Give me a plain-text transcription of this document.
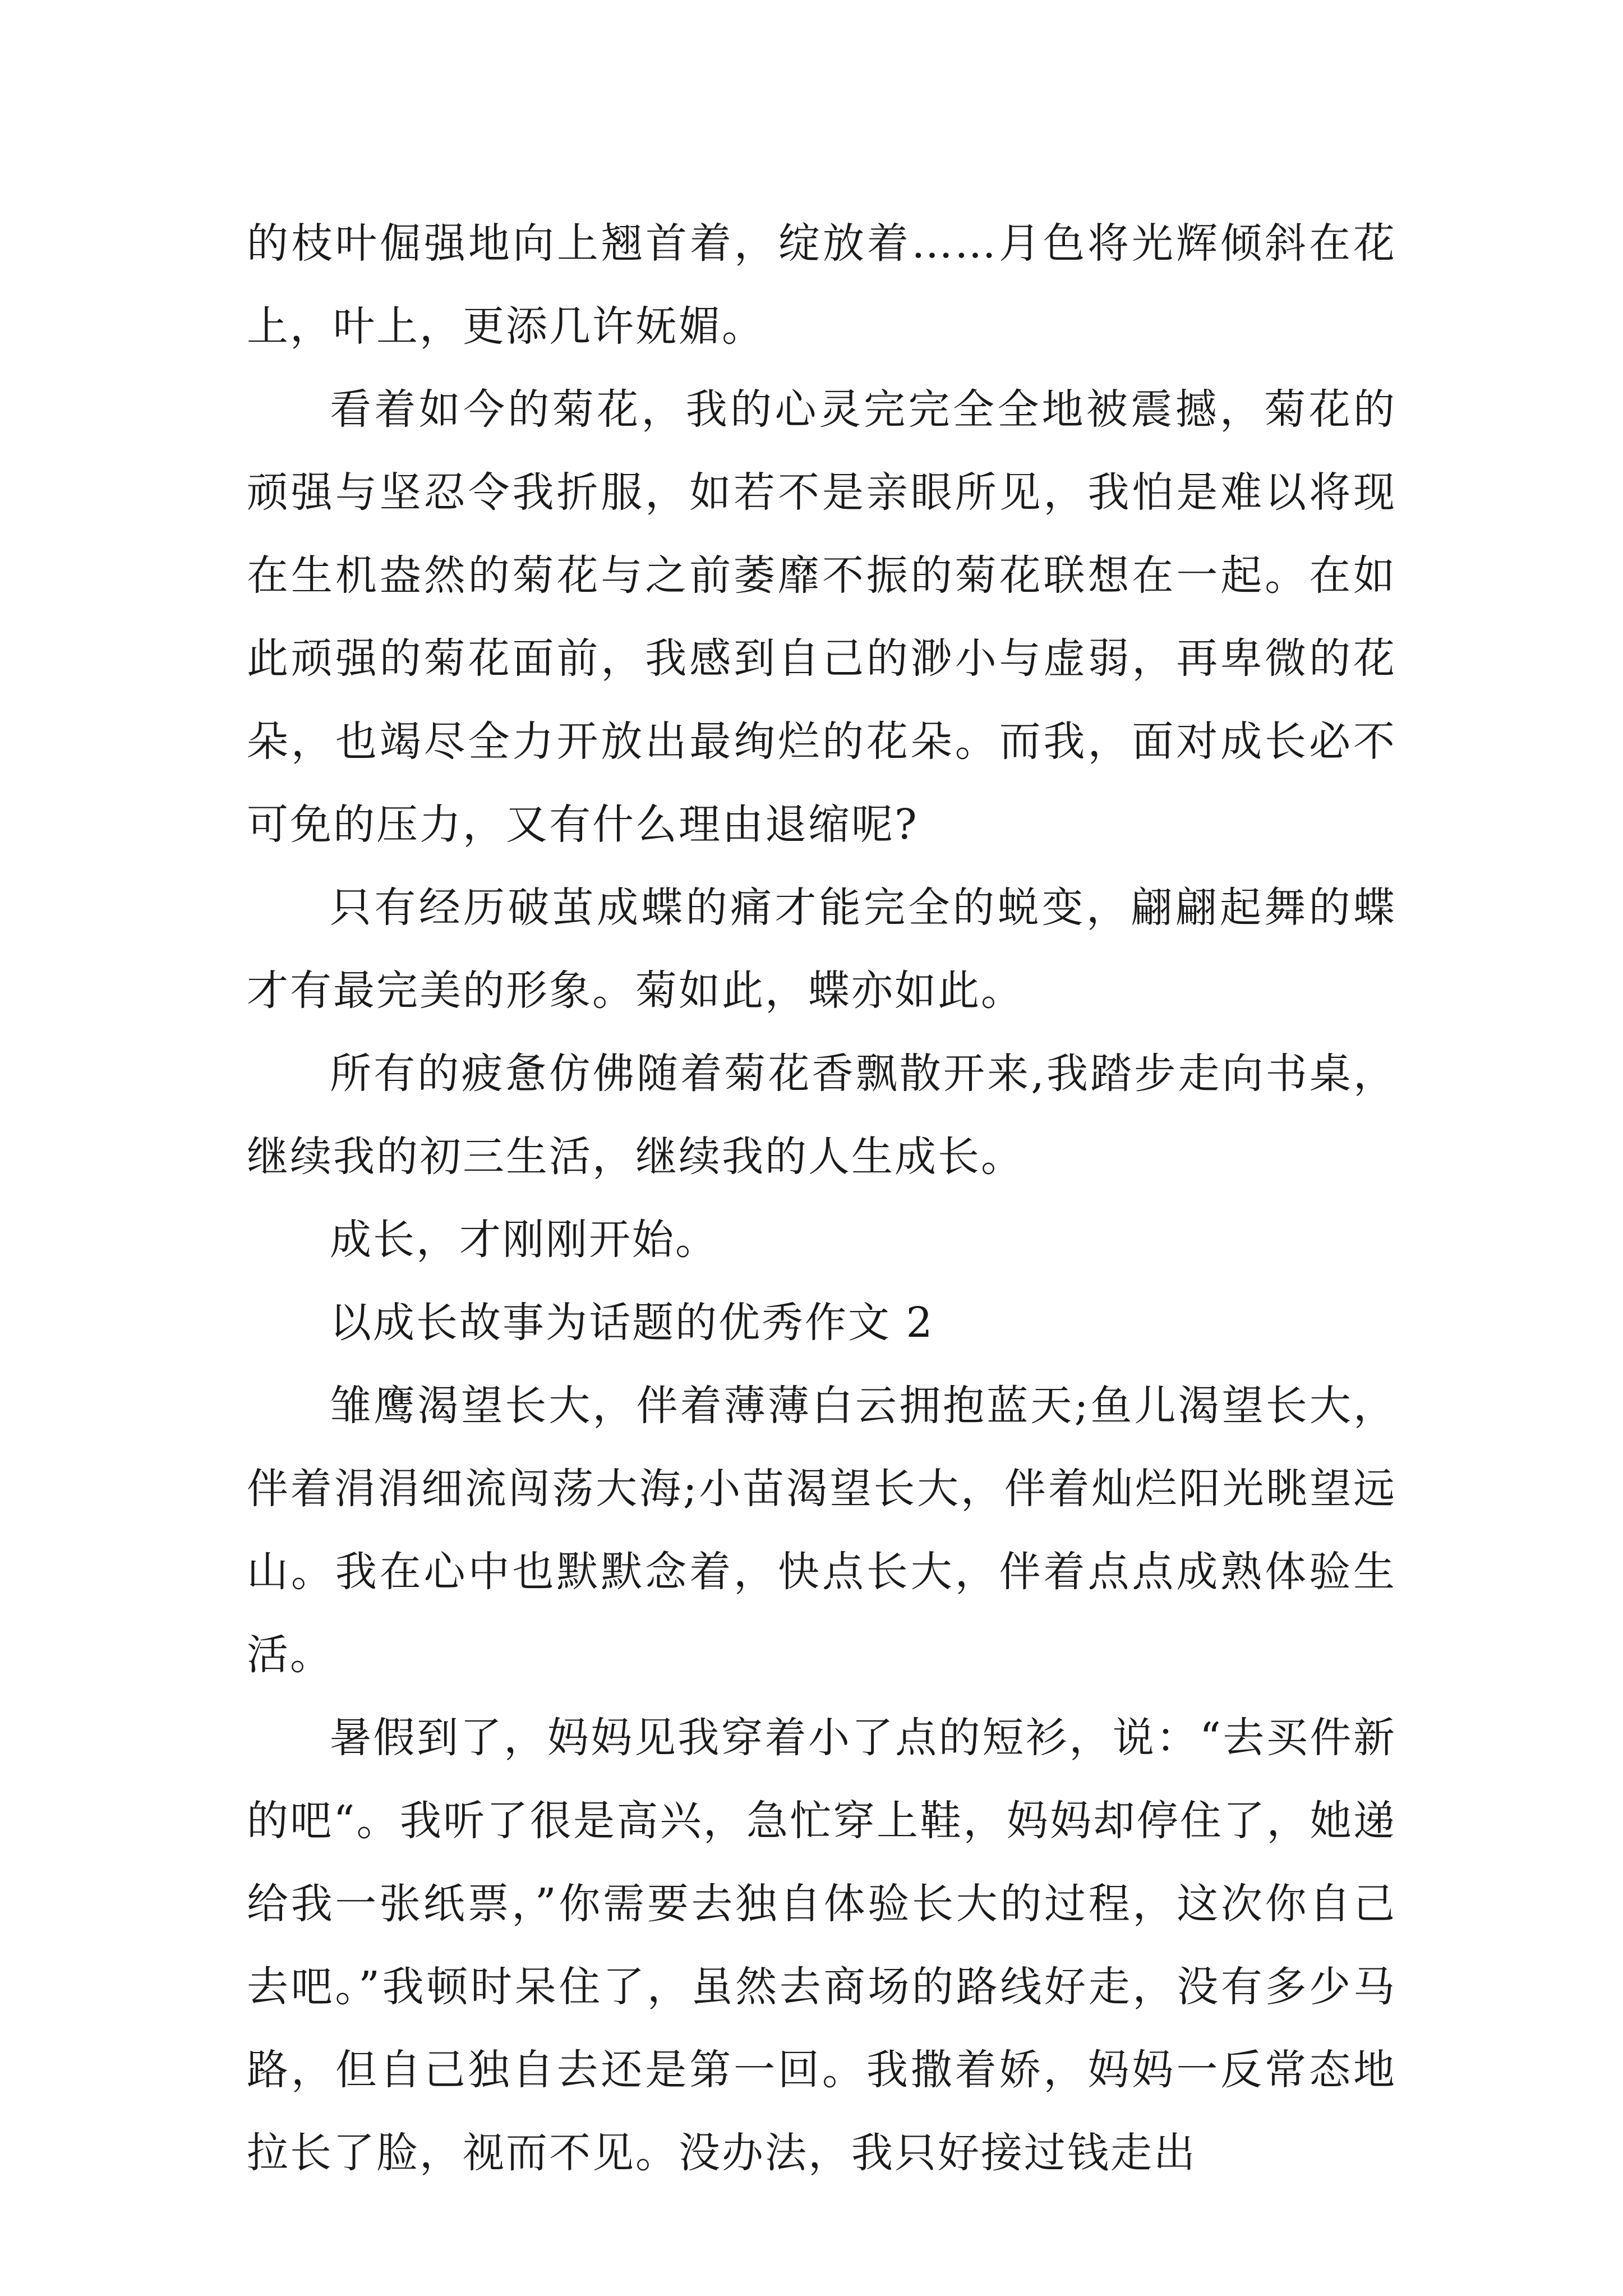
的枝叶倔强地向上翘首着，绽放着……月色将光辉倾斜在花上，叶上，更添几许妩媚。

看着如今的菊花，我的心灵完完全全地被震撼，菊花的顽强与坚忍令我折服，如若不是亲眼所见，我怕是难以将现在生机盎然的菊花与之前萎靡不振的菊花联想在一起。在如此顽强的菊花面前，我感到自己的渺小与虚弱，再卑微的花朵，也竭尽全力开放出最绚烂的花朵。而我，面对成长必不可免的压力，又有什么理由退缩呢?

只有经历破茧成蝶的痛才能完全的蜕变，翩翩起舞的蝶才有最完美的形象。菊如此，蝶亦如此。

所有的疲惫仿佛随着菊花香飘散开来,我踏步走向书桌，继续我的初三生活，继续我的人生成长。

成长，才刚刚开始。

以成长故事为话题的优秀作文 2

雏鹰渴望长大，伴着薄薄白云拥抱蓝天;鱼儿渴望长大，伴着涓涓细流闯荡大海;小苗渴望长大，伴着灿烂阳光眺望远山。我在心中也默默念着，快点长大，伴着点点成熟体验生活。

暑假到了，妈妈见我穿着小了点的短衫，说：“去买件新的吧“。我听了很是高兴，急忙穿上鞋，妈妈却停住了，她递给我一张纸票，”你需要去独自体验长大的过程，这次你自己去吧。”我顿时呆住了，虽然去商场的路线好走，没有多少马路，但自己独自去还是第一回。我撒着娇，妈妈一反常态地拉长了脸，视而不见。没办法，我只好接过钱走出
